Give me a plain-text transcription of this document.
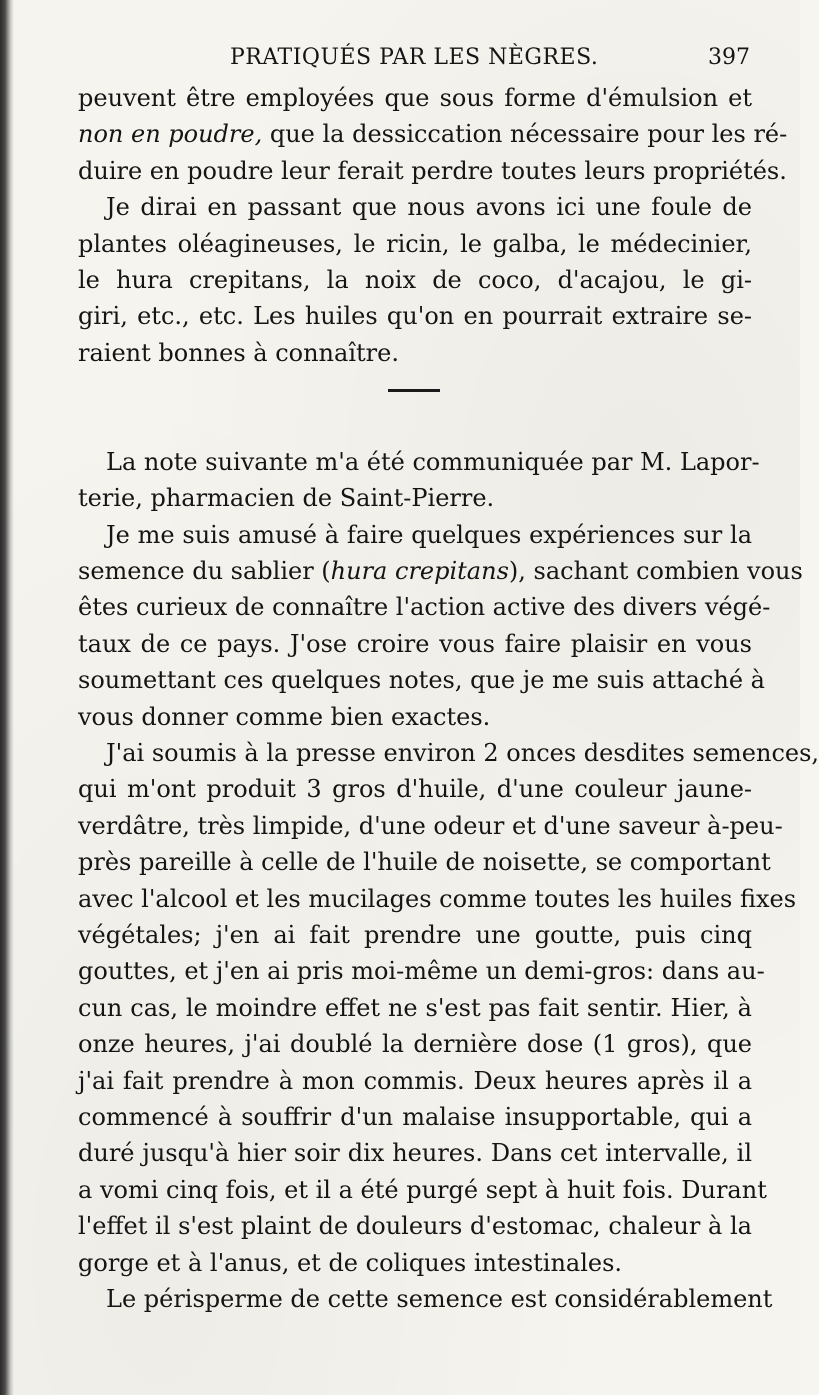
PRATIQUÉS PAR LES NÈGRES.	397
peuvent être employées que sous forme d'émulsion et
non en poudre, que la dessiccation nécessaire pour les ré-
duire en poudre leur ferait perdre toutes leurs propriétés.
Je dirai en passant que nous avons ici une foule de
plantes oléagineuses, le ricin, le galba, le médecinier,
le hura crepitans, la noix de coco, d'acajou, le gi-
giri, etc., etc. Les huiles qu'on en pourrait extraire se-
raient bonnes à connaître.
La note suivante m'a été communiquée par M. Lapor-
terie, pharmacien de Saint-Pierre.
Je me suis amusé à faire quelques expériences sur la
semence du sablier (hura crepitans), sachant combien vous
êtes curieux de connaître l'action active des divers végé-
taux de ce pays. J'ose croire vous faire plaisir en vous
soumettant ces quelques notes, que je me suis attaché à
vous donner comme bien exactes.
J'ai soumis à la presse environ 2 onces desdites semences,
qui m'ont produit 3 gros d'huile, d'une couleur jaune-
verdâtre, très limpide, d'une odeur et d'une saveur à-peu-
près pareille à celle de l'huile de noisette, se comportant
avec l'alcool et les mucilages comme toutes les huiles fixes
végétales; j'en ai fait prendre une goutte, puis cinq
gouttes, et j'en ai pris moi-même un demi-gros: dans au-
cun cas, le moindre effet ne s'est pas fait sentir. Hier, à
onze heures, j'ai doublé la dernière dose (1 gros), que
j'ai fait prendre à mon commis. Deux heures après il a
commencé à souffrir d'un malaise insupportable, qui a
duré jusqu'à hier soir dix heures. Dans cet intervalle, il
a vomi cinq fois, et il a été purgé sept à huit fois. Durant
l'effet il s'est plaint de douleurs d'estomac, chaleur à la
gorge et à l'anus, et de coliques intestinales.
Le périsperme de cette semence est considérablement
